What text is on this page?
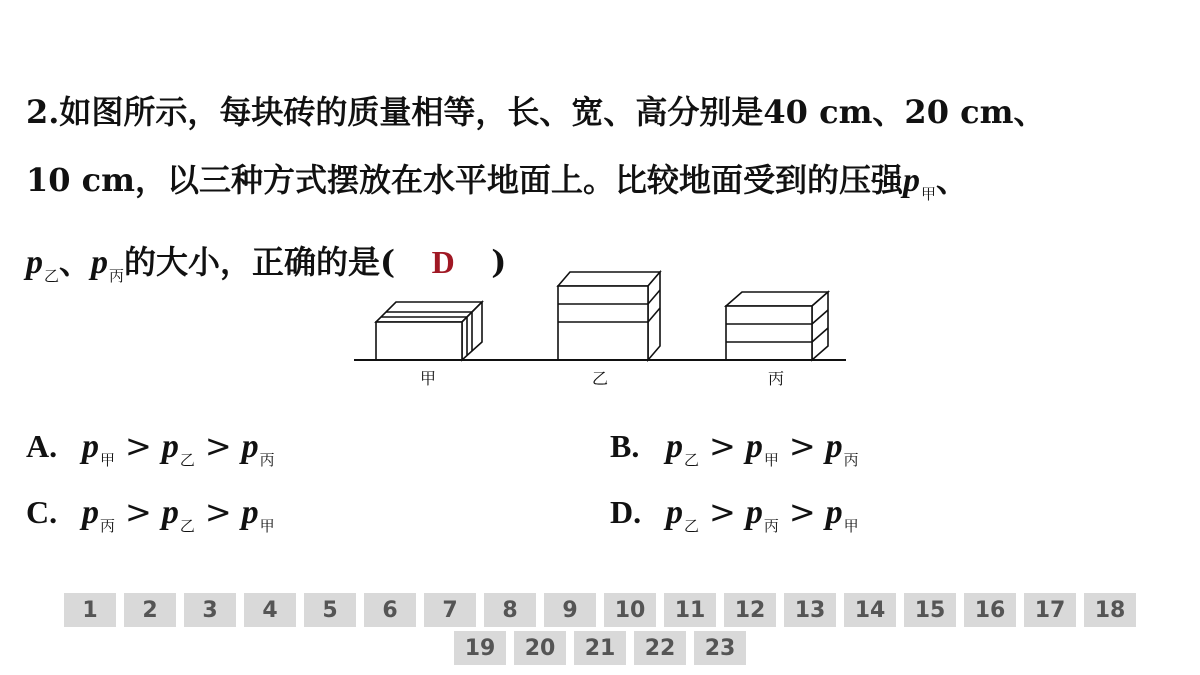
2.如图所示，每块砖的质量相等，长、宽、高分别是40 cm、20 cm、
10 cm，以三种方式摆放在水平地面上。比较地面受到的压强$p_甲$、
$p_乙$、$p_丙$的大小，正确的是( D )
甲	乙	丙
A. $p_甲 > p_乙 > p_丙$	B. $p_乙 > p_甲 > p_丙$
C. $p_丙 > p_乙 > p_甲$	D. $p_乙 > p_丙 > p_甲$
1	2	3	4	5	6	7	8	9	10	11	12	13	14	15	16	17	18
19	20	21	22	23
